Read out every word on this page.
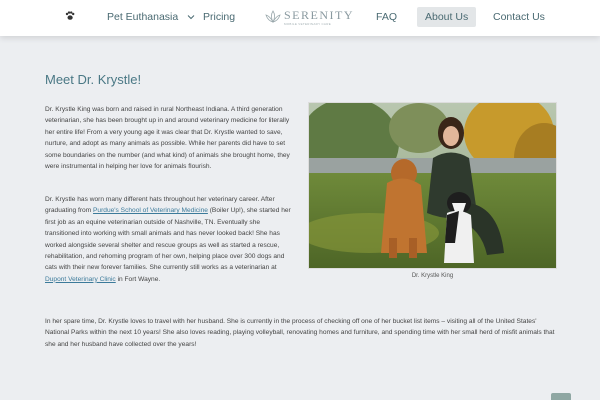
Pet Euthanasia	Pricing	SERENITY
MOBILE VETERINARY CARE
FAQ	About Us	Contact Us
Meet Dr. Krystle!

Dr. Krystle King was born and raised in rural Northeast Indiana. A third generation veterinarian, she has been brought up in and around veterinary medicine for literally her entire life! From a very young age it was clear that Dr. Krystle wanted to save, nurture, and adopt as many animals as possible. While her parents did have to set some boundaries on the number (and what kind) of animals she brought home, they were instrumental in helping her love for animals flourish.

Dr. Krystle has worn many different hats throughout her veterinary career. After graduating from Purdue's School of Veterinary Medicine (Boiler Up!), she started her first job as an equine veterinarian outside of Nashville, TN. Eventually she transitioned into working with small animals and has never looked back! She has worked alongside several shelter and rescue groups as well as started a rescue, rehabilitation, and rehoming program of her own, helping place over 300 dogs and cats with their new forever families. She currently still works as a veterinarian at Dupont Veterinary Clinic in Fort Wayne.	Dr. Krystle King

In her spare time, Dr. Krystle loves to travel with her husband. She is currently in the process of checking off one of her bucket list items – visiting all of the United States' National Parks within the next 10 years! She also loves reading, playing volleyball, renovating homes and furniture, and spending time with her small herd of misfit animals that she and her husband have collected over the years!
